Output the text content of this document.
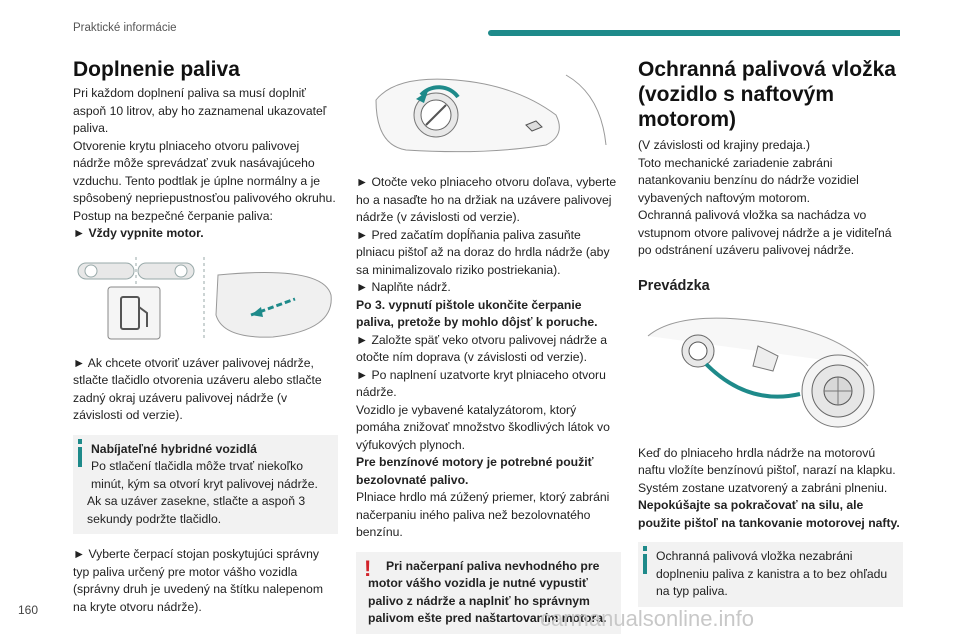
Praktické informácie
Doplnenie paliva

Pri každom doplnení paliva sa musí doplniť aspoň 10 litrov, aby ho zaznamenal ukazovateľ paliva.

Otvorenie krytu plniaceho otvoru palivovej nádrže môže sprevádzať zvuk nasávajúceho vzduchu. Tento podtlak je úplne normálny a je spôsobený nepriepustnosťou palivového okruhu.

Postup na bezpečné čerpanie paliva:

► Vždy vypnite motor.

► Ak chcete otvoriť uzáver palivovej nádrže, stlačte tlačidlo otvorenia uzáveru alebo stlačte zadný okraj uzáveru palivovej nádrže (v závislosti od verzie).

Nabíjateľné hybridné vozidlá
Po stlačení tlačidla môže trvať niekoľko minút, kým sa otvorí kryt palivovej nádrže.
Ak sa uzáver zasekne, stlačte a aspoň 3 sekundy podržte tlačidlo.

► Vyberte čerpací stojan poskytujúci správny typ paliva určený pre motor vášho vozidla (správny druh je uvedený na štítku nalepenom na kryte otvoru nádrže).

► Otočte veko plniaceho otvoru doľava, vyberte ho a nasaďte ho na držiak na uzávere palivovej nádrže (v závislosti od verzie).

► Pred začatím dopĺňania paliva zasuňte plniacu pištoľ až na doraz do hrdla nádrže (aby sa minimalizovalo riziko postriekania).

► Naplňte nádrž.

Po 3. vypnutí pištole ukončite čerpanie paliva, pretože by mohlo dôjsť k poruche.

► Založte späť veko otvoru palivovej nádrže a otočte ním doprava (v závislosti od verzie).

► Po naplnení uzatvorte kryt plniaceho otvoru nádrže.

Vozidlo je vybavené katalyzátorom, ktorý pomáha znižovať množstvo škodlivých látok vo výfukových plynoch.

Pre benzínové motory je potrebné použiť bezolovnaté palivo.

Plniace hrdlo má zúžený priemer, ktorý zabráni načerpaniu iného paliva než bezolovnatého benzínu.

!	Pri načerpaní paliva nevhodného pre motor vášho vozidla je nutné vypustiť palivo z nádrže a naplniť ho správnym palivom ešte pred naštartovaním motora.
Ochranná palivová vložka (vozidlo s naftovým motorom)

(V závislosti od krajiny predaja.)

Toto mechanické zariadenie zabráni natankovaniu benzínu do nádrže vozidiel vybavených naftovým motorom.

Ochranná palivová vložka sa nachádza vo vstupnom otvore palivovej nádrže a je viditeľná po odstránení uzáveru palivovej nádrže.

Prevádzka

Keď do plniaceho hrdla nádrže na motorovú naftu vložíte benzínovú pištoľ, narazí na klapku. Systém zostane uzatvorený a zabráni plneniu.

Nepokúšajte sa pokračovať na silu, ale použite pištoľ na tankovanie motorovej nafty.

Ochranná palivová vložka nezabráni doplneniu paliva z kanistra a to bez ohľadu na typ paliva.
160	carmanualsonline.info
